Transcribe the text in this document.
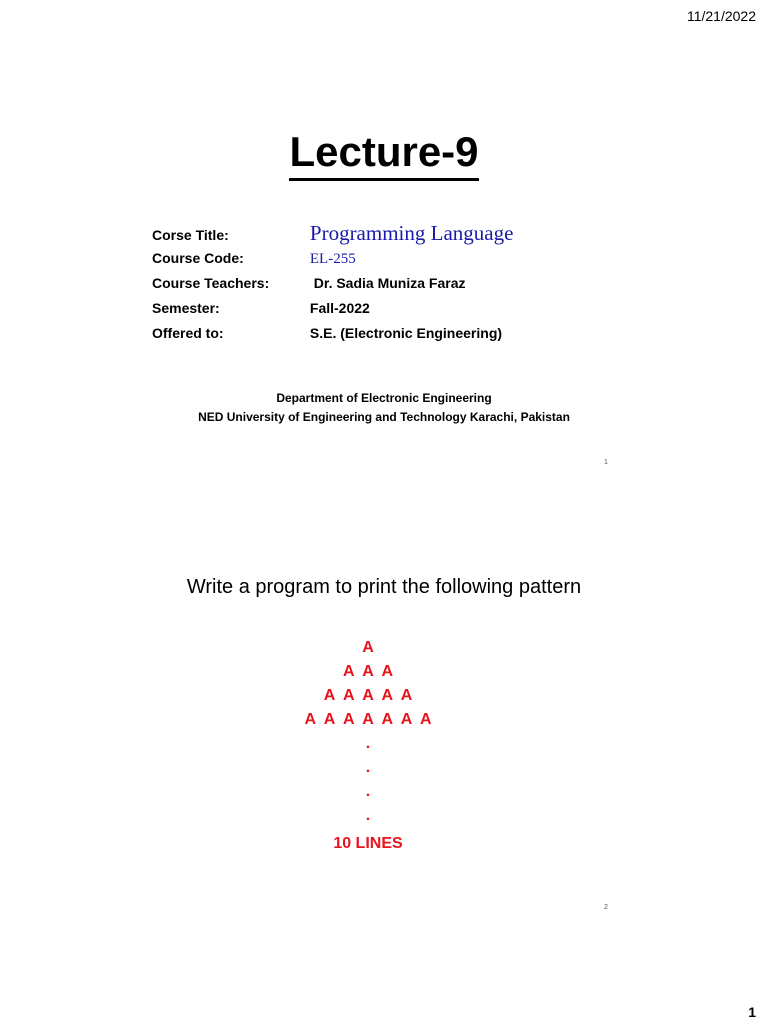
11/21/2022
Lecture-9
Corse Title:	Programming Language
Course Code:	EL-255
Course Teachers:	Dr. Sadia Muniza Faraz
Semester:	Fall-2022
Offered to:	S.E. (Electronic Engineering)
Department of Electronic Engineering
NED University of Engineering and Technology Karachi, Pakistan
1
Write a program to print the following pattern
A
A  A  A
A  A  A  A  A
A  A  A  A  A  A  A
.
.
.
.
10 LINES
2
1
